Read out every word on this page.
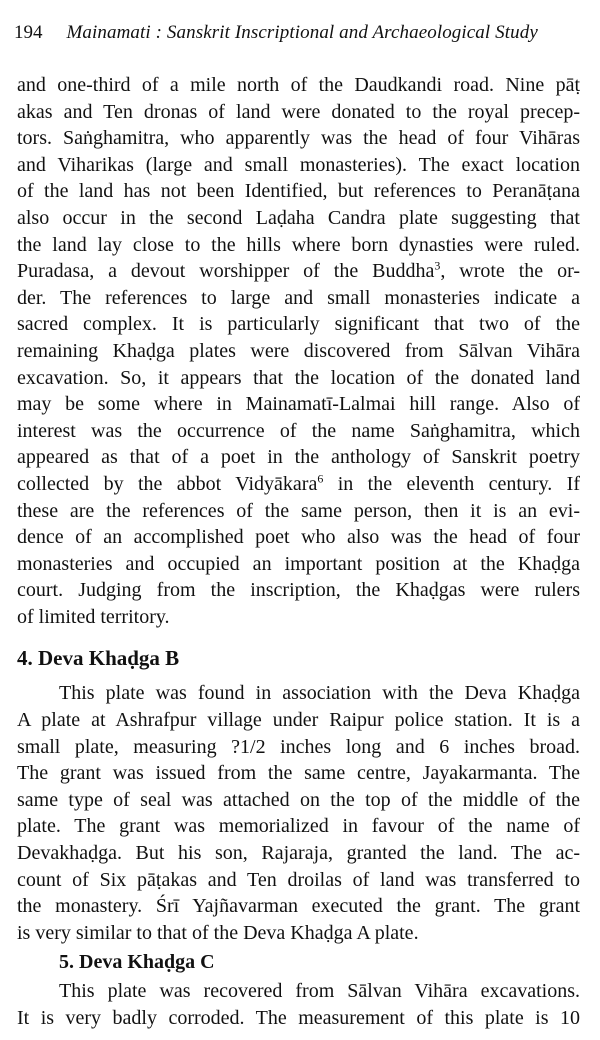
194 Mainamati : Sanskrit Inscriptional and Archaeological Study
and one-third of a mile north of the Daudkandi road. Nine pāṭ
akas and Ten dronas of land were donated to the royal precep-
tors. Saṅghamitra, who apparently was the head of four Vihāras
and Viharikas (large and small monasteries). The exact location
of the land has not been Identified, but references to Peranāṭana
also occur in the second Laḍaha Candra plate suggesting that
the land lay close to the hills where born dynasties were ruled.
Puradasa, a devout worshipper of the Buddha$^3$, wrote the or-
der. The references to large and small monasteries indicate a
sacred complex. It is particularly significant that two of the
remaining Khaḍga plates were discovered from Sālvan Vihāra
excavation. So, it appears that the location of the donated land
may be some where in Mainamatī-Lalmai hill range. Also of
interest was the occurrence of the name Saṅghamitra, which
appeared as that of a poet in the anthology of Sanskrit poetry
collected by the abbot Vidyākara$^6$ in the eleventh century. If
these are the references of the same person, then it is an evi-
dence of an accomplished poet who also was the head of four
monasteries and occupied an important position at the Khaḍga
court. Judging from the inscription, the Khaḍgas were rulers
of limited territory.
4. Deva Khaḍga B
This plate was found in association with the Deva Khaḍga
A plate at Ashrafpur village under Raipur police station. It is a
small plate, measuring ?1/2 inches long and 6 inches broad.
The grant was issued from the same centre, Jayakarmanta. The
same type of seal was attached on the top of the middle of the
plate. The grant was memorialized in favour of the name of
Devakhaḍga. But his son, Rajaraja, granted the land. The ac-
count of Six pāṭakas and Ten droilas of land was transferred to
the monastery. Śrī Yajñavarman executed the grant. The grant
is very similar to that of the Deva Khaḍga A plate.
5. Deva Khaḍga C
This plate was recovered from Sālvan Vihāra excavations.
It is very badly corroded. The measurement of this plate is 10
